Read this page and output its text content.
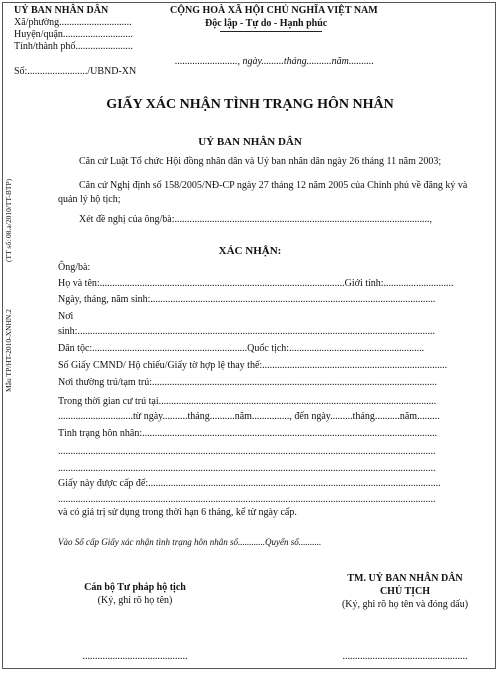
UỶ BAN NHÂN DÂN
Xã/phường.............................
Huyện/quận............................
Tỉnh/thành phố.......................
Số:......................../UBND-XN
CỘNG HOÀ XÃ HỘI CHỦ NGHĨA VIỆT NAM
Độc lập - Tự do - Hạnh phúc
........................., ngày.........tháng..........năm..........
(TT số: 08.a/2010/TT-BTP)
Mẫu TP/HT-2010-XNHN.2
GIẤY XÁC NHẬN TÌNH TRẠNG HÔN NHÂN
UỶ BAN NHÂN DÂN
Căn cứ Luật Tổ chức Hội đồng nhân dân và Uỷ ban nhân dân ngày 26 tháng 11 năm 2003;
Căn cứ Nghị định số 158/2005/NĐ-CP ngày 27 tháng 12 năm 2005 của Chính phủ về đăng ký và
quản lý hộ tịch;
Xét đề nghị của ông/bà:......................................................................................................,
XÁC NHẬN:
Ông/bà:
Họ và tên:..................................................................................................Giới tính:............................
Ngày, tháng, năm sinh:..................................................................................................................
Nơi
sinh:...............................................................................................................................................
Dân tộc:..............................................................Quốc tịch:......................................................
Số Giấy CMND/ Hộ chiếu/Giấy tờ hợp lệ thay thế:..........................................................................
Nơi thường trú/tạm trú:..................................................................................................................
Trong thời gian cư trú tại...............................................................................................................
..............................từ ngày..........tháng..........năm..............., đến ngày.........tháng..........năm.........
Tình trạng hôn nhân:......................................................................................................................
.......................................................................................................................................................
.......................................................................................................................................................
Giấy này được cấp để:.....................................................................................................................
.......................................................................................................................................................
và có giá trị sử dụng trong thời hạn 6 tháng, kể từ ngày cấp.
Vào Sổ cấp Giấy xác nhận tình trạng hôn nhân số............Quyển số..........
Cán bộ Tư pháp hộ tịch
(Ký, ghi rõ họ tên)
..........................................
TM. UỶ BAN NHÂN DÂN
CHỦ TỊCH
(Ký, ghi rõ họ tên và đóng dấu)
..................................................
